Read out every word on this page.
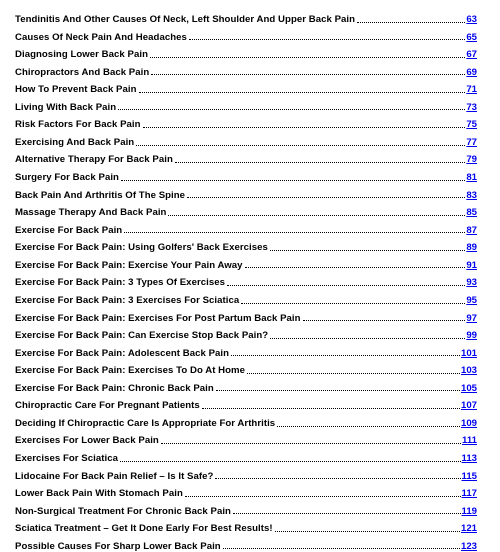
Tendinitis And Other Causes Of Neck, Left Shoulder And Upper Back Pain	63
Causes Of Neck Pain And Headaches	65
Diagnosing Lower Back Pain	67
Chiropractors And Back Pain	69
How To Prevent Back Pain	71
Living With Back Pain	73
Risk Factors For Back Pain	75
Exercising And Back Pain	77
Alternative Therapy For Back Pain	79
Surgery For Back Pain	81
Back Pain And Arthritis Of The Spine	83
Massage Therapy And Back Pain	85
Exercise For Back Pain	87
Exercise For Back Pain: Using Golfers' Back Exercises	89
Exercise For Back Pain: Exercise Your Pain Away	91
Exercise For Back Pain: 3 Types Of Exercises	93
Exercise For Back Pain: 3 Exercises For Sciatica	95
Exercise For Back Pain: Exercises For Post Partum Back Pain	97
Exercise For Back Pain: Can Exercise Stop Back Pain?	99
Exercise For Back Pain: Adolescent Back Pain	101
Exercise For Back Pain: Exercises To Do At Home	103
Exercise For Back Pain: Chronic Back Pain	105
Chiropractic Care For Pregnant Patients	107
Deciding If Chiropractic Care Is Appropriate For Arthritis	109
Exercises For Lower Back Pain	111
Exercises For Sciatica	113
Lidocaine For Back Pain Relief – Is It Safe?	115
Lower Back Pain With Stomach Pain	117
Non-Surgical Treatment For Chronic Back Pain	119
Sciatica Treatment – Get It Done Early For Best Results!	121
Possible Causes For Sharp Lower Back Pain	123
